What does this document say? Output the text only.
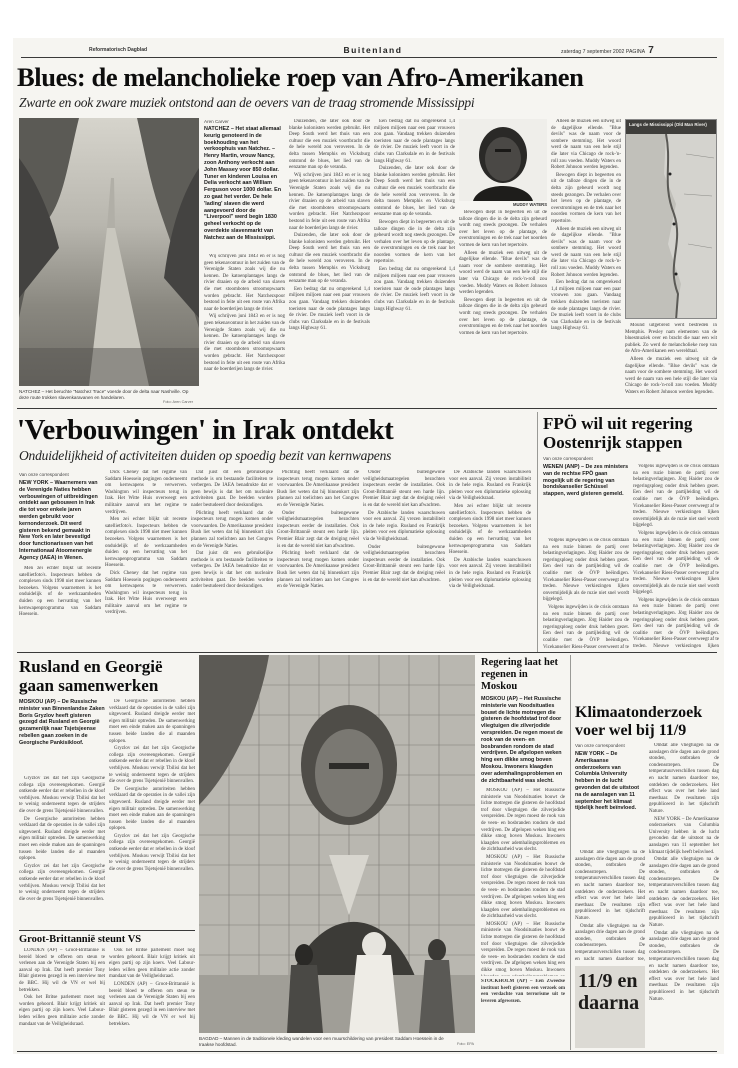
Reformatorisch Dagblad	Buitenland	zaterdag 7 september 2002 PAGINA 7
Blues: de melancholieke roep van Afro-Amerikanen
Zwarte en ook zware muziek ontstond aan de oevers van de traag stromende Mississippi
NATCHEZ – Het beruchte "Natchez Trace" voerde door de delta naar Nashville. Op deze route trokken slavenkaravanen en handelaren.
Foto: Aren Carver
Aren Carver
NATCHEZ – Het staat allemaal keurig genoteerd in de boekhouding van het verkoophuis van Natchez. – Henry Martin, vrouw Nancy, zoon Anthony verkocht aan John Massey voor 850 dollar. Tuner en kinderen Louisa en Delia verkocht aan William Ferguson voor 1000 dollar. En zo gaat het verder. De hele 'lading' slaven die werd aangevoerd door de "Liverpool" werd begin 1830 geheel verkocht op de overdekte slavenmarkt van Natchez aan de Mississippi.

Wij schrijven juni 1843 en er is nog geen tekenavontuur in het zuiden van de Verenigde Staten zoals wij die nu kennen. De katoenplantages langs de rivier draaien op de arbeid van slaven die met stoomboten stroomopwaarts worden gebracht. Het Natchezspoor bestond in feite uit een route van Afrika naar de boerderijen langs de rivier.

Wij schrijven juni 1843 en er is nog geen tekenavontuur in het zuiden van de Verenigde Staten zoals wij die nu kennen. De katoenplantages langs de rivier draaien op de arbeid van slaven die met stoomboten stroomopwaarts worden gebracht. Het Natchezspoor bestond in feite uit een route van Afrika naar de boerderijen langs de rivier.

Duizenden, die later ook door de blanke kolonisten werden gebruikt. Het Deep South werd het thuis van een cultuur die een muziek voortbracht die de hele wereld zou veroveren. In de delta tussen Memphis en Vicksburg ontstond de blues, het lied van de eenzame man op de veranda.

Wij schrijven juni 1843 en er is nog geen tekenavontuur in het zuiden van de Verenigde Staten zoals wij die nu kennen. De katoenplantages langs de rivier draaien op de arbeid van slaven die met stoomboten stroomopwaarts worden gebracht. Het Natchezspoor bestond in feite uit een route van Afrika naar de boerderijen langs de rivier.

Duizenden, die later ook door de blanke kolonisten werden gebruikt. Het Deep South werd het thuis van een cultuur die een muziek voortbracht die de hele wereld zou veroveren. In de delta tussen Memphis en Vicksburg ontstond de blues, het lied van de eenzame man op de veranda.

Een bedrag dat nu omgerekend 1,4 miljoen miljoen naar een paar vrouwen zou gaan. Vandaag trekken duizenden toeristen naar de oude plantages langs de rivier. De muziek leeft voort in de clubs van Clarksdale en in de festivals langs Highway 61.

Een bedrag dat nu omgerekend 1,4 miljoen miljoen naar een paar vrouwen zou gaan. Vandaag trekken duizenden toeristen naar de oude plantages langs de rivier. De muziek leeft voort in de clubs van Clarksdale en in de festivals langs Highway 61.

Duizenden, die later ook door de blanke kolonisten werden gebruikt. Het Deep South werd het thuis van een cultuur die een muziek voortbracht die de hele wereld zou veroveren. In de delta tussen Memphis en Vicksburg ontstond de blues, het lied van de eenzame man op de veranda.

Bewogen diept in begeerten en uit de talloze dingen die in de delta zijn gebeurd wordt nog steeds gezongen. De verhalen over het leven op de plantage, de overstromingen en de trek naar het noorden vormen de kern van het repertoire.

Een bedrag dat nu omgerekend 1,4 miljoen miljoen naar een paar vrouwen zou gaan. Vandaag trekken duizenden toeristen naar de oude plantages langs de rivier. De muziek leeft voort in de clubs van Clarksdale en in de festivals langs Highway 61.

MUDDY WATERS

Bewogen diept in begeerten en uit de talloze dingen die in de delta zijn gebeurd wordt nog steeds gezongen. De verhalen over het leven op de plantage, de overstromingen en de trek naar het noorden vormen de kern van het repertoire.

Alleen de muziek een uitweg uit de dagelijkse ellende. "Blue devils" was de naam voor de sombere stemming. Het woord werd de naam van een hele stijl die later via Chicago de rock-'n-roll zou voeden. Muddy Waters en Robert Johnson werden legenden.

Bewogen diept in begeerten en uit de talloze dingen die in de delta zijn gebeurd wordt nog steeds gezongen. De verhalen over het leven op de plantage, de overstromingen en de trek naar het noorden vormen de kern van het repertoire.

Alleen de muziek een uitweg uit de dagelijkse ellende. "Blue devils" was de naam voor de sombere stemming. Het woord werd de naam van een hele stijl die later via Chicago de rock-'n-roll zou voeden. Muddy Waters en Robert Johnson werden legenden.

Bewogen diept in begeerten en uit de talloze dingen die in de delta zijn gebeurd wordt nog steeds gezongen. De verhalen over het leven op de plantage, de overstromingen en de trek naar het noorden vormen de kern van het repertoire.

Alleen de muziek een uitweg uit de dagelijkse ellende. "Blue devils" was de naam voor de sombere stemming. Het woord werd de naam van een hele stijl die later via Chicago de rock-'n-roll zou voeden. Muddy Waters en Robert Johnson werden legenden.

Een bedrag dat nu omgerekend 1,4 miljoen miljoen naar een paar vrouwen zou gaan. Vandaag trekken duizenden toeristen naar de oude plantages langs de rivier. De muziek leeft voort in de clubs van Clarksdale en in de festivals langs Highway 61.

Langs de Mississippi (Old Man River)

Mound uitgebreid werd bestreden in Memphis. Presley nam elementen van de bluesmuziek over en bracht die naar een wit publiek. Zo werd de melancholieke roep van de Afro-Amerikanen een wereldtaal.

Alleen de muziek een uitweg uit de dagelijkse ellende. "Blue devils" was de naam voor de sombere stemming. Het woord werd de naam van een hele stijl die later via Chicago de rock-'n-roll zou voeden. Muddy Waters en Robert Johnson werden legenden.

'Verbouwingen' in Irak ontdekt
Onduidelijkheid of activiteiten duiden op spoedig bezit van kernwapens
Van onze correspondent
NEW YORK – Waarnemers van de Verenigde Naties hebben verbouwingen of uitbreidingen ontdekt aan gebouwen in Irak die tot voor enkele jaren werden gebruikt voor kernonderzoek. Dit werd gisteren bekend gemaakt in New York en later bevestigd door functionarissen van het Internationaal Atoomenergie Agency (IAEA) in Wenen.

Men zei echter blijkt uit recente satellietfoto's. Inspecteurs hebben de complexen sinds 1998 niet meer kunnen bezoeken. Volgens waarnemers is het onduidelijk of de werkzaamheden duiden op een hervatting van het kernwapenprogramma van Saddam Hoessein.

Dick Cheney dat het regime van Saddam Hoessein pogingen onderneemt om kernwapens te verwerven. Washington wil inspecteurs terug in Irak. Het Witte Huis overweegt een militaire aanval om het regime te verdrijven.

Men zei echter blijkt uit recente satellietfoto's. Inspecteurs hebben de complexen sinds 1998 niet meer kunnen bezoeken. Volgens waarnemers is het onduidelijk of de werkzaamheden duiden op een hervatting van het kernwapenprogramma van Saddam Hoessein.

Dick Cheney dat het regime van Saddam Hoessein pogingen onderneemt om kernwapens te verwerven. Washington wil inspecteurs terug in Irak. Het Witte Huis overweegt een militaire aanval om het regime te verdrijven.

Dat juist dit een gebruikelijke methode is om bestaande faciliteiten te verbergen. De IAEA benadrukte dat er geen bewijs is dat het om nucleaire activiteiten gaat. De beelden worden nader bestudeerd door deskundigen.

Plichting heeft verklaard dat de inspecteurs terug mogen komen onder voorwaarden. De Amerikaanse president Bush liet weten dat hij binnenkort zijn plannen zal toelichten aan het Congres en de Verenigde Naties.

Dat juist dit een gebruikelijke methode is om bestaande faciliteiten te verbergen. De IAEA benadrukte dat er geen bewijs is dat het om nucleaire activiteiten gaat. De beelden worden nader bestudeerd door deskundigen.

Plichting heeft verklaard dat de inspecteurs terug mogen komen onder voorwaarden. De Amerikaanse president Bush liet weten dat hij binnenkort zijn plannen zal toelichten aan het Congres en de Verenigde Naties.

Onder buitengewone veiligheidsmaatregelen bezochten inspecteurs eerder de installaties. Ook Groot-Brittannië steunt een harde lijn. Premier Blair zegt dat de dreiging reëel is en dat de wereld niet kan afwachten.

Plichting heeft verklaard dat de inspecteurs terug mogen komen onder voorwaarden. De Amerikaanse president Bush liet weten dat hij binnenkort zijn plannen zal toelichten aan het Congres en de Verenigde Naties.

Onder buitengewone veiligheidsmaatregelen bezochten inspecteurs eerder de installaties. Ook Groot-Brittannië steunt een harde lijn. Premier Blair zegt dat de dreiging reëel is en dat de wereld niet kan afwachten.

De Arabische landen waarschuwen voor een aanval. Zij vrezen instabiliteit in de hele regio. Rusland en Frankrijk pleiten voor een diplomatieke oplossing via de Veiligheidsraad.

Onder buitengewone veiligheidsmaatregelen bezochten inspecteurs eerder de installaties. Ook Groot-Brittannië steunt een harde lijn. Premier Blair zegt dat de dreiging reëel is en dat de wereld niet kan afwachten.

De Arabische landen waarschuwen voor een aanval. Zij vrezen instabiliteit in de hele regio. Rusland en Frankrijk pleiten voor een diplomatieke oplossing via de Veiligheidsraad.

Men zei echter blijkt uit recente satellietfoto's. Inspecteurs hebben de complexen sinds 1998 niet meer kunnen bezoeken. Volgens waarnemers is het onduidelijk of de werkzaamheden duiden op een hervatting van het kernwapenprogramma van Saddam Hoessein.

De Arabische landen waarschuwen voor een aanval. Zij vrezen instabiliteit in de hele regio. Rusland en Frankrijk pleiten voor een diplomatieke oplossing via de Veiligheidsraad.

FPÖ wil uit regering Oostenrijk stappen
Van onze correspondent
WENEN (ANP) – De zes ministers van de rechtse FPÖ gaan mogelijk uit de regering van bondskanselier Schüssel stappen, werd gisteren gemeld.

Volgens ingewijden is de crisis ontstaan na een ruzie binnen de partij over belastingverlagingen. Jörg Haider zou de regeringsploeg onder druk hebben gezet. Een deel van de partijleiding wil de coalitie met de ÖVP beëindigen. Vicekanselier Riess-Passer overweegt af te treden. Nieuwe verkiezingen lijken onvermijdelijk als de ruzie niet snel wordt bijgelegd.

Volgens ingewijden is de crisis ontstaan na een ruzie binnen de partij over belastingverlagingen. Jörg Haider zou de regeringsploeg onder druk hebben gezet. Een deel van de partijleiding wil de coalitie met de ÖVP beëindigen. Vicekanselier Riess-Passer overweegt af te

Volgens ingewijden is de crisis ontstaan na een ruzie binnen de partij over belastingverlagingen. Jörg Haider zou de regeringsploeg onder druk hebben gezet. Een deel van de partijleiding wil de coalitie met de ÖVP beëindigen. Vicekanselier Riess-Passer overweegt af te treden. Nieuwe verkiezingen lijken onvermijdelijk als de ruzie niet snel wordt bijgelegd.

Volgens ingewijden is de crisis ontstaan na een ruzie binnen de partij over belastingverlagingen. Jörg Haider zou de regeringsploeg onder druk hebben gezet. Een deel van de partijleiding wil de coalitie met de ÖVP beëindigen. Vicekanselier Riess-Passer overweegt af te treden. Nieuwe verkiezingen lijken onvermijdelijk als de ruzie niet snel wordt bijgelegd.

Volgens ingewijden is de crisis ontstaan na een ruzie binnen de partij over belastingverlagingen. Jörg Haider zou de regeringsploeg onder druk hebben gezet. Een deel van de partijleiding wil de coalitie met de ÖVP beëindigen. Vicekanselier Riess-Passer overweegt af te treden. Nieuwe verkiezingen lijken

Rusland en Georgië gaan samenwerken
MOSKOU (AP) – De Russische minister van Binnenlandse Zaken Boris Gryzlov heeft gisteren gezegd dat Rusland en Georgië gezamenlijk naar Tsjetsjeense rebellen gaan zoeken in de Georgische Pankisikloof.

Gryzlov zei dat het zijn Georgische collega zijn overeengekomen. Georgië ontkende eerder dat er rebellen in de kloof verblijven. Moskou verwijt Tbilisi dat het te weinig onderneemt tegen de strijders die over de grens Tsjetsjenië binnenvallen.

De Georgische autoriteiten hebben verklaard dat de operaties in de vallei zijn uitgevoerd. Rusland dreigde eerder met eigen militair optreden. De samenwerking moet een einde maken aan de spanningen tussen beide landen die al maanden oplopen.

Gryzlov zei dat het zijn Georgische collega zijn overeengekomen. Georgië ontkende eerder dat er rebellen in de kloof verblijven. Moskou verwijt Tbilisi dat het te weinig onderneemt tegen de strijders die over de grens Tsjetsjenië binnenvallen.

De Georgische autoriteiten hebben verklaard dat de operaties in de vallei zijn uitgevoerd. Rusland dreigde eerder met eigen militair optreden. De samenwerking moet een einde maken aan de spanningen tussen beide landen die al maanden oplopen.

Gryzlov zei dat het zijn Georgische collega zijn overeengekomen. Georgië ontkende eerder dat er rebellen in de kloof verblijven. Moskou verwijt Tbilisi dat het te weinig onderneemt tegen de strijders die over de grens Tsjetsjenië binnenvallen.

De Georgische autoriteiten hebben verklaard dat de operaties in de vallei zijn uitgevoerd. Rusland dreigde eerder met eigen militair optreden. De samenwerking moet een einde maken aan de spanningen tussen beide landen die al maanden oplopen.

Gryzlov zei dat het zijn Georgische collega zijn overeengekomen. Georgië ontkende eerder dat er rebellen in de kloof verblijven. Moskou verwijt Tbilisi dat het te weinig onderneemt tegen de strijders die over de grens Tsjetsjenië binnenvallen.

Groot-Brittannië steunt VS

LONDEN (AP) – Groot-Brittannië is bereid bloed te offeren om steun te verlenen aan de Verenigde Staten bij een aanval op Irak. Dat heeft premier Tony Blair gisteren gezegd in een interview met de BBC. Hij wil de VN er wel bij betrekken.

Ook het Britse parlement moet nog worden gehoord. Blair krijgt kritiek uit eigen partij op zijn koers. Veel Labour-leden willen geen militaire actie zonder mandaat van de Veiligheidsraad.

Ook het Britse parlement moet nog worden gehoord. Blair krijgt kritiek uit eigen partij op zijn koers. Veel Labour-leden willen geen militaire actie zonder mandaat van de Veiligheidsraad.

LONDEN (AP) – Groot-Brittannië is bereid bloed te offeren om steun te verlenen aan de Verenigde Staten bij een aanval op Irak. Dat heeft premier Tony Blair gisteren gezegd in een interview met de BBC. Hij wil de VN er wel bij betrekken.

BAGDAD – Mannen in de traditionele kleding wandelen voor een muurschildering van president Saddam Hoessein in de Iraakse hoofdstad.	Foto: EPA
Regering laat het regenen in Moskou
MOSKOU (AP) – Het Russische ministerie van Noodsituaties bouwt de lichte motregen die gisteren de hoofdstad trof door vliegtuigen die zilverjodide verspreiden. De regen moest de rook van de veen- en bosbranden rondom de stad verdrijven. De afgelopen weken hing een dikke smog boven Moskou. Inwoners klaagden over ademhalingsproblemen en de zichtbaarheid was slecht.

MOSKOU (AP) – Het Russische ministerie van Noodsituaties bouwt de lichte motregen die gisteren de hoofdstad trof door vliegtuigen die zilverjodide verspreiden. De regen moest de rook van de veen- en bosbranden rondom de stad verdrijven. De afgelopen weken hing een dikke smog boven Moskou. Inwoners klaagden over ademhalingsproblemen en de zichtbaarheid was slecht.

MOSKOU (AP) – Het Russische ministerie van Noodsituaties bouwt de lichte motregen die gisteren de hoofdstad trof door vliegtuigen die zilverjodide verspreiden. De regen moest de rook van de veen- en bosbranden rondom de stad verdrijven. De afgelopen weken hing een dikke smog boven Moskou. Inwoners klaagden over ademhalingsproblemen en de zichtbaarheid was slecht.

MOSKOU (AP) – Het Russische ministerie van Noodsituaties bouwt de lichte motregen die gisteren de hoofdstad trof door vliegtuigen die zilverjodide verspreiden. De regen moest de rook van de veen- en bosbranden rondom de stad verdrijven. De afgelopen weken hing een dikke smog boven Moskou. Inwoners

STOCKHOLM (AP) – Een Zweedse instituut heeft gisteren een verzoek om een verdachte van terrorisme uit te leveren afgewezen.
Klimaatonderzoek voer wel bij 11/9
Van onze correspondent
NEW YORK – De Amerikaanse onderzoekers van Columbia University hebben in de lucht gevonden dat de uitstoot na de aanslagen van 11 september het klimaat tijdelijk heeft beïnvloed.

Omdat alle vliegtuigen na de aanslagen drie dagen aan de grond stonden, ontbraken de condensstrepen. De temperatuurverschillen tussen dag en nacht namen daardoor toe, ontdekten de onderzoekers. Het effect was over het hele land meetbaar. De resultaten zijn gepubliceerd in het tijdschrift Nature.

Omdat alle vliegtuigen na de aanslagen drie dagen aan de grond stonden, ontbraken de condensstrepen. De temperatuurverschillen tussen dag en nacht namen daardoor toe,

Omdat alle vliegtuigen na de aanslagen drie dagen aan de grond stonden, ontbraken de condensstrepen. De temperatuurverschillen tussen dag en nacht namen daardoor toe, ontdekten de onderzoekers. Het effect was over het hele land meetbaar. De resultaten zijn gepubliceerd in het tijdschrift Nature.

NEW YORK – De Amerikaanse onderzoekers van Columbia University hebben in de lucht gevonden dat de uitstoot na de aanslagen van 11 september het klimaat tijdelijk heeft beïnvloed.

Omdat alle vliegtuigen na de aanslagen drie dagen aan de grond stonden, ontbraken de condensstrepen. De temperatuurverschillen tussen dag en nacht namen daardoor toe, ontdekten de onderzoekers. Het effect was over het hele land meetbaar. De resultaten zijn gepubliceerd in het tijdschrift Nature.

Omdat alle vliegtuigen na de aanslagen drie dagen aan de grond stonden, ontbraken de condensstrepen. De temperatuurverschillen tussen dag en nacht namen daardoor toe, ontdekten de onderzoekers. Het effect was over het hele land meetbaar. De resultaten zijn gepubliceerd in het tijdschrift Nature.

11/9 en daarna
